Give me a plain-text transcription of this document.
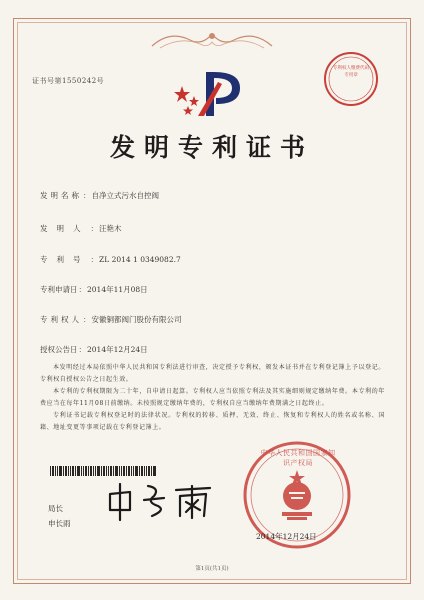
证书号第1550242号
专利权人缴费代码专用章
发明专利证书
发明名称：自净立式污水自控阀
发明人：汪艳木
专利号：ZL 2014 1 0349082.7
专利申请日：2014年11月08日
专利权人：安徽铜都阀门股份有限公司
授权公告日：2014年12月24日

本发明经过本局依照中华人民共和国专利法进行审查，决定授予专利权，颁发本证书并在专利登记簿上予以登记。专利权自授权公告之日起生效。

本专利的专利权期限为二十年，自申请日起算。专利权人应当依照专利法及其实施细则规定缴纳年费。本专利的年费应当在每年11月08日前缴纳。未按照规定缴纳年费的，专利权自应当缴纳年费期满之日起终止。

专利证书记载专利权登记时的法律状况。专利权的转移、质押、无效、终止、恢复和专利权人的姓名或名称、国籍、地址变更等事项记载在专利登记簿上。

局长
申长雨
中华人民共和国国家知识产权局
2014年12月24日
第1页(共1页)
